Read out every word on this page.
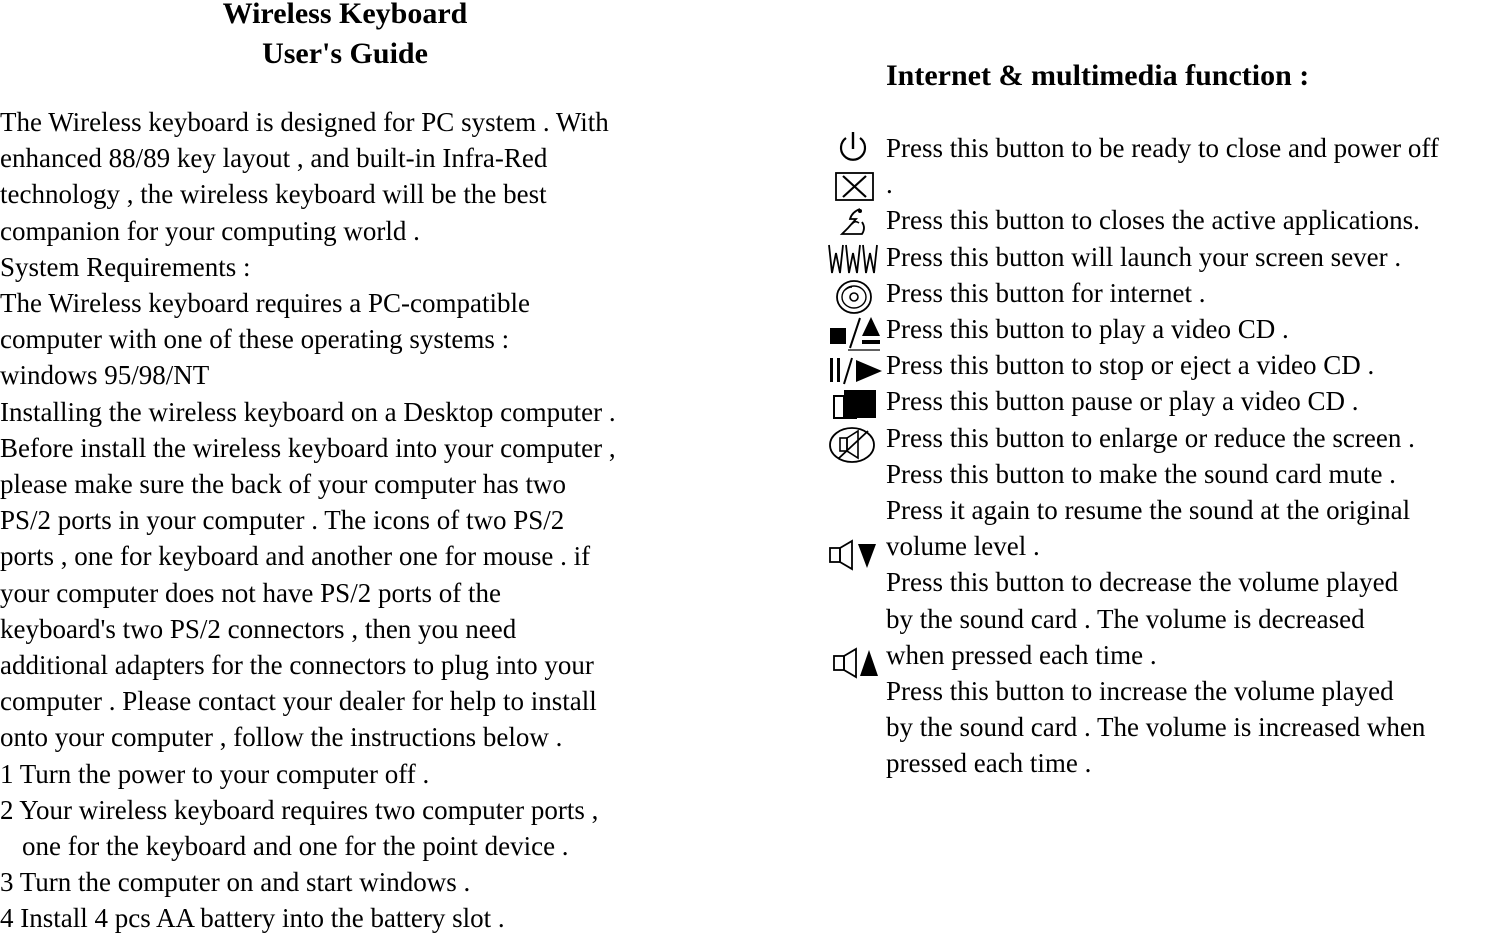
Wireless Keyboard
User's Guide
The Wireless keyboard is designed for PC system . With
enhanced 88/89 key layout , and built-in Infra-Red
technology , the wireless keyboard will be the best
companion for your computing world .
System Requirements :
The Wireless keyboard requires a PC-compatible
computer with one of these operating systems :
windows 95/98/NT
Installing the wireless keyboard on a Desktop computer .
Before install the wireless keyboard into your computer ,
please make sure the back of your computer has two
PS/2 ports in your computer . The icons of two PS/2
ports , one for keyboard and another one for mouse . if
your computer does not have PS/2 ports of the
keyboard's two PS/2 connectors , then you need
additional adapters for the connectors to plug into your
computer . Please contact your dealer for help to install
onto your computer , follow the instructions below .
1 Turn the power to your computer off .
2 Your wireless keyboard requires two computer ports ,
one for the keyboard and one for the point device .
3 Turn the computer on and start windows .
4 Install 4 pcs AA battery into the battery slot .
Internet & multimedia function :
Press this button to be ready to close and power off
.
Press this button to closes the active applications.
Press this button will launch your screen sever .
Press this button for internet .
Press this button to play a video CD .
Press this button to stop or eject a video CD .
Press this button pause or play a video CD .
Press this button to enlarge or reduce the screen .
Press this button to make the sound card mute .
Press it again to resume the sound at the original
volume level .
Press this button to decrease the volume played
by the sound card . The volume is decreased
when pressed each time .
Press this button to increase the volume played
by the sound card . The volume is increased when
pressed each time .
